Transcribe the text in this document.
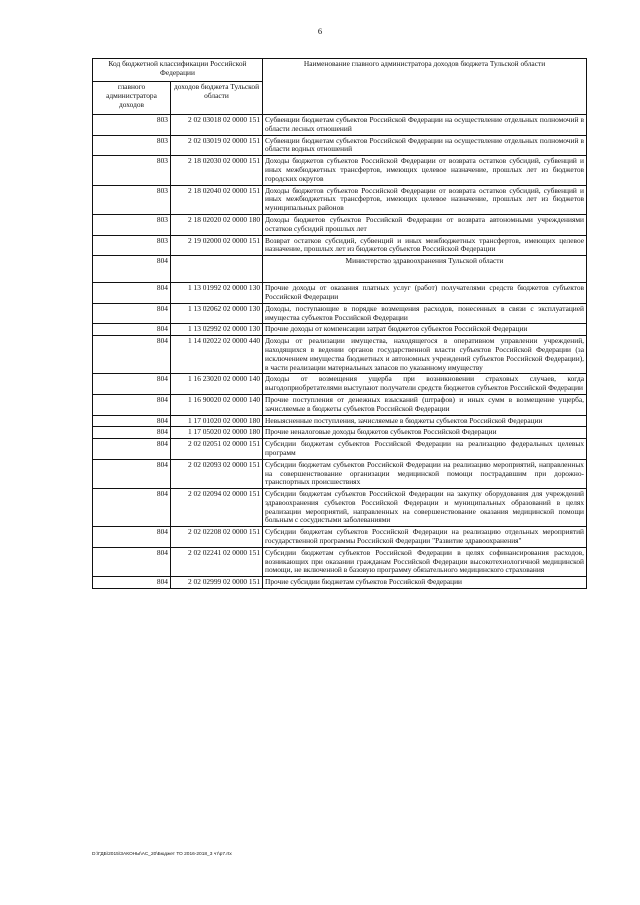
6
Код бюджетной классификации Российской Федерации		Наименование главного администратора доходов бюджета Тульской области
главного администратора доходов	доходов бюджета Тульской области	
803	2 02 03018 02 0000 151	Субвенции бюджетам субъектов Российской Федерации на осуществление отдельных полномочий в области лесных отношений
803	2 02 03019 02 0000 151	Субвенции бюджетам субъектов Российской Федерации на осуществление отдельных полномочий в области водных отношений
803	2 18 02030 02 0000 151	Доходы бюджетов субъектов Российской Федерации от возврата остатков субсидий, субвенций и иных межбюджетных трансфертов, имеющих целевое назначение, прошлых лет из бюджетов городских округов
803	2 18 02040 02 0000 151	Доходы бюджетов субъектов Российской Федерации от возврата остатков субсидий, субвенций и иных межбюджетных трансфертов, имеющих целевое назначение, прошлых лет из бюджетов муниципальных районов
803	2 18 02020 02 0000 180	Доходы бюджетов субъектов Российской Федерации от возврата автономными учреждениями остатков субсидий прошлых лет
803	2 19 02000 02 0000 151	Возврат остатков субсидий, субвенций и иных межбюджетных трансфертов, имеющих целевое назначение, прошлых лет из бюджетов субъектов Российской Федерации
804		Министерство здравоохранения Тульской области
804	1 13 01992 02 0000 130	Прочие доходы от оказания платных услуг (работ) получателями средств бюджетов субъектов Российской Федерации
804	1 13 02062 02 0000 130	Доходы, поступающие в порядке возмещения расходов, понесенных в связи с эксплуатацией имущества субъектов Российской Федерации
804	1 13 02992 02 0000 130	Прочие доходы от компенсации затрат бюджетов субъектов Российской Федерации
804	1 14 02022 02 0000 440	Доходы от реализации имущества, находящегося в оперативном управлении учреждений, находящихся в ведении органов государственной власти субъектов Российской Федерации (за исключением имущества бюджетных и автономных учреждений субъектов Российской Федерации), в части реализации материальных запасов по указанному имуществу
804	1 16 23020 02 0000 140	Доходы от возмещения ущерба при возникновении страховых случаев, когда выгодоприобретателями выступают получатели средств бюджетов субъектов Российской Федерации
804	1 16 90020 02 0000 140	Прочие поступления от денежных взысканий (штрафов) и иных сумм в возмещение ущерба, зачисляемые в бюджеты субъектов Российской Федерации
804	1 17 01020 02 0000 180	Невыясненные поступления, зачисляемые в бюджеты субъектов Российской Федерации
804	1 17 05020 02 0000 180	Прочие неналоговые доходы бюджетов субъектов Российской Федерации
804	2 02 02051 02 0000 151	Субсидии бюджетам субъектов Российской Федерации на реализацию федеральных целевых программ
804	2 02 02093 02 0000 151	Субсидии бюджетам субъектов Российской Федерации на реализацию мероприятий, направленных на совершенствование организации медицинской помощи пострадавшим при дорожно-транспортных происшествиях
804	2 02 02094 02 0000 151	Субсидии бюджетам субъектов Российской Федерации на закупку оборудования для учреждений здравоохранения субъектов Российской Федерации и муниципальных образований в целях реализации мероприятий, направленных на совершенствование оказания медицинской помощи больным с сосудистыми заболеваниями
804	2 02 02208 02 0000 151	Субсидии бюджетам субъектов Российской Федерации на реализацию отдельных мероприятий государственной программы Российской Федерации "Развитие здравоохранения"
804	2 02 02241 02 0000 151	Субсидии бюджетам субъектов Российской Федерации в целях софинансирования расходов, возникающих при оказании гражданам Российской Федерации высокотехнологичной медицинской помощи, не включенной в базовую программу обязательного медицинского страхования
804	2 02 02999 02 0000 151	Прочие субсидии бюджетам субъектов Российской Федерации
D:\ГДБ\2015\ЗАКОНЫ\АС_20\Бюджет ТО 2016-2018_3 чт\р7.rtx
